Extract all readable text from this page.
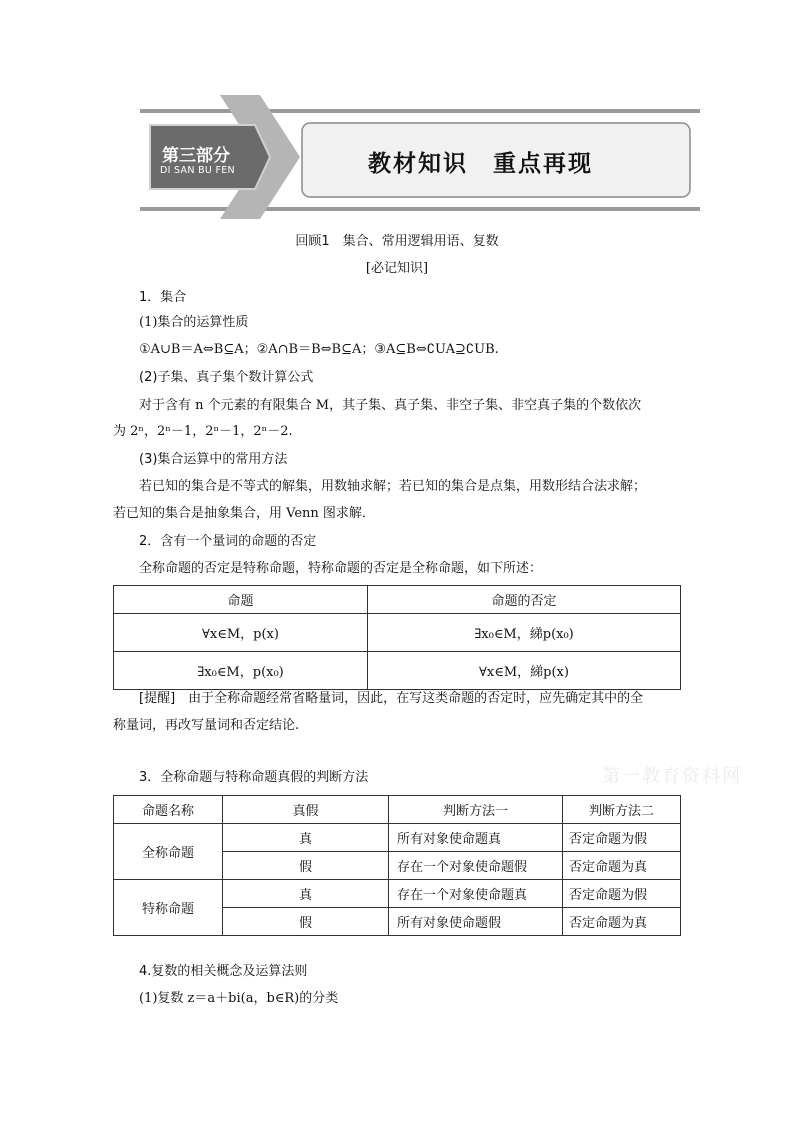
第三部分
DI SAN BU FEN	教材知识　重点再现
回顾1　集合、常用逻辑用语、复数
[必记知识]
1．集合
(1)集合的运算性质
①A∪B＝A⇔B⊆A；②A∩B＝B⇔B⊆A；③A⊆B⇔∁UA⊇∁UB.
(2)子集、真子集个数计算公式
对于含有 n 个元素的有限集合 M，其子集、真子集、非空子集、非空真子集的个数依次
为 2ⁿ，2ⁿ－1，2ⁿ－1，2ⁿ－2.
(3)集合运算中的常用方法
若已知的集合是不等式的解集，用数轴求解；若已知的集合是点集，用数形结合法求解；
若已知的集合是抽象集合，用 Venn 图求解．
2．含有一个量词的命题的否定
全称命题的否定是特称命题，特称命题的否定是全称命题，如下所述：
命题	命题的否定
∀x∈M，p(x)	∃x₀∈M，綈p(x₀)
∃x₀∈M，p(x₀)	∀x∈M，綈p(x)
[提醒]　由于全称命题经常省略量词，因此，在写这类命题的否定时，应先确定其中的全
称量词，再改写量词和否定结论.
3．全称命题与特称命题真假的判断方法	第一教育资料网
命题名称	真假	判断方法一	判断方法二
全称命题	真	所有对象使命题真	否定命题为假
	假	存在一个对象使命题假	否定命题为真
特称命题	真	存在一个对象使命题真	否定命题为假
	假	所有对象使命题假	否定命题为真
4.复数的相关概念及运算法则
(1)复数 z＝a＋bi(a，b∈R)的分类
